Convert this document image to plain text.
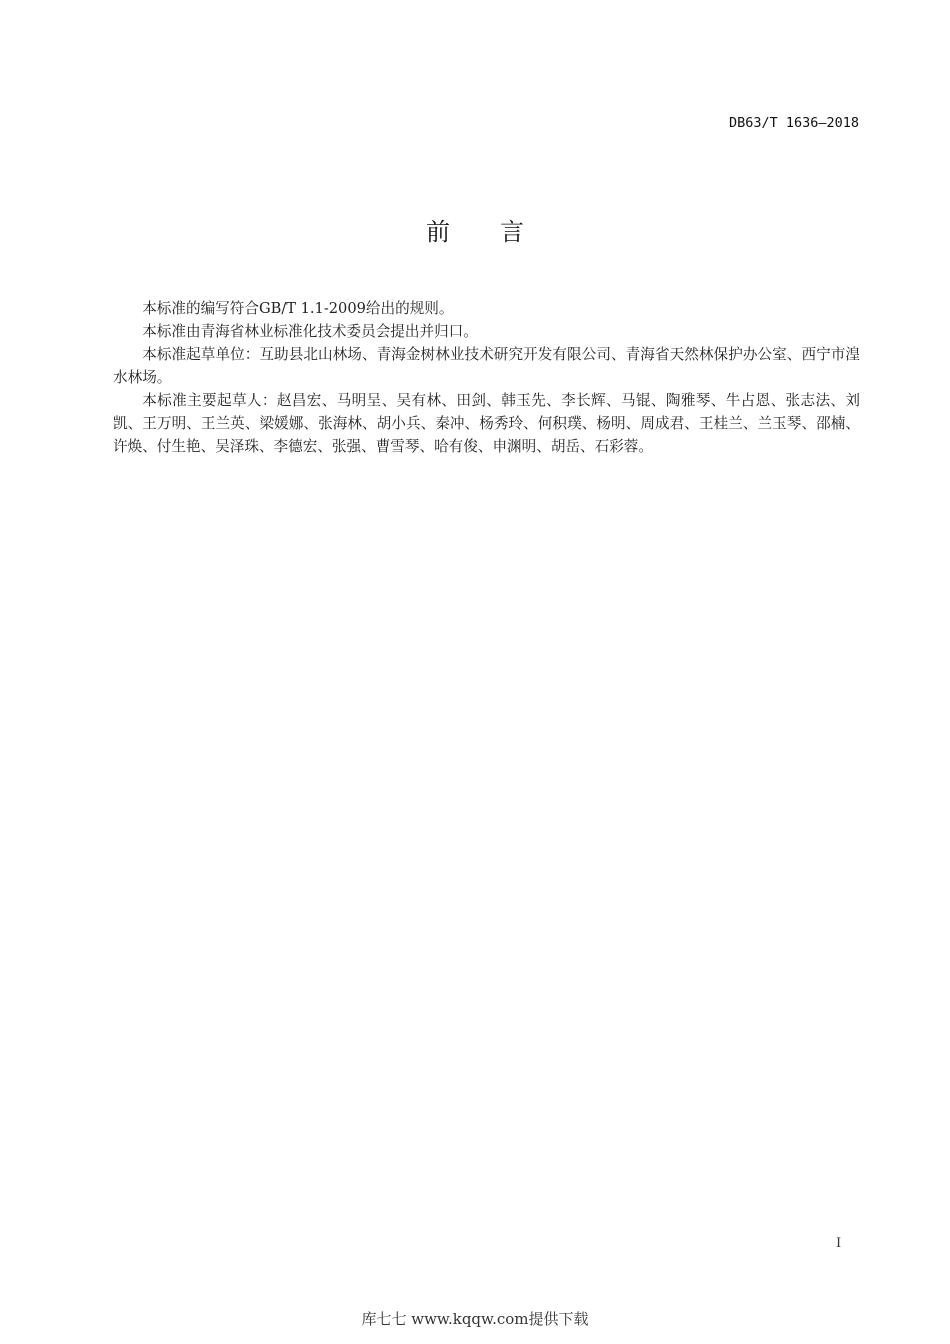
DB63/T 1636—2018
前 言

本标准的编写符合GB/T 1.1-2009给出的规则。

本标准由青海省林业标准化技术委员会提出并归口。

本标准起草单位：互助县北山林场、青海金树林业技术研究开发有限公司、青海省天然林保护办公室、西宁市湟水林场。

本标准主要起草人：赵昌宏、马明呈、吴有林、田剑、韩玉先、李长辉、马锟、陶雅琴、牛占恩、张志法、刘凯、王万明、王兰英、梁媛娜、张海林、胡小兵、秦冲、杨秀玲、何积璞、杨明、周成君、王桂兰、兰玉琴、邵楠、许焕、付生艳、吴泽珠、李德宏、张强、曹雪琴、哈有俊、申渊明、胡岳、石彩蓉。

I
库七七 www.kqqw.com提供下载
